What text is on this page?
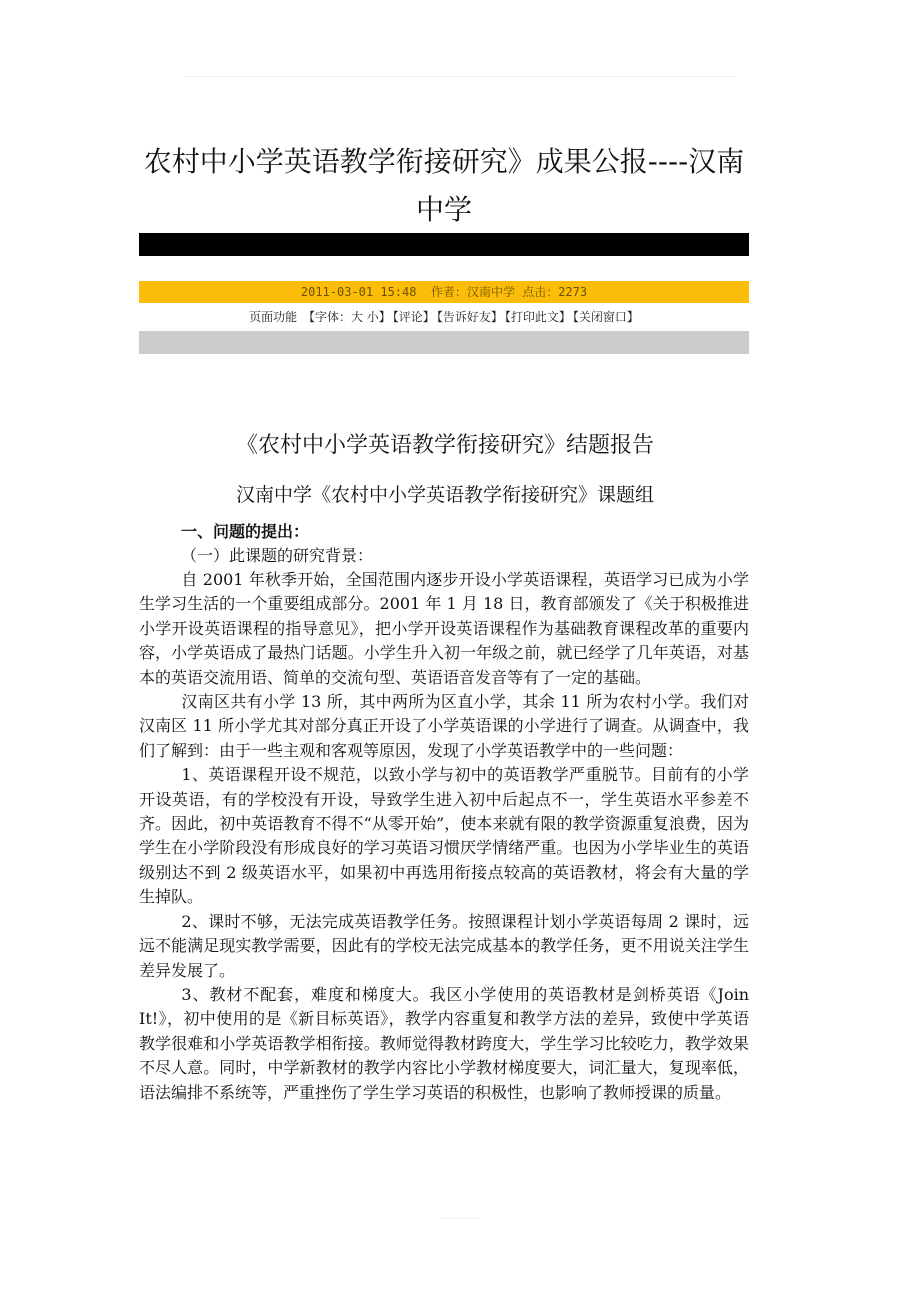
农村中小学英语教学衔接研究》成果公报----汉南中学
2011-03-01 15:48 作者：汉南中学 点击：2273
页面功能 【字体：大 小】 【评论】 【告诉好友】 【打印此文】 【关闭窗口】
《农村中小学英语教学衔接研究》结题报告
汉南中学《农村中小学英语教学衔接研究》课题组
一、问题的提出：
（一）此课题的研究背景：

自 2001 年秋季开始，全国范围内逐步开设小学英语课程，英语学习已成为小学生学习生活的一个重要组成部分。2001 年 1 月 18 日，教育部颁发了《关于积极推进小学开设英语课程的指导意见》，把小学开设英语课程作为基础教育课程改革的重要内容，小学英语成了最热门话题。小学生升入初一年级之前，就已经学了几年英语，对基本的英语交流用语、简单的交流句型、英语语音发音等有了一定的基础。

汉南区共有小学 13 所，其中两所为区直小学，其余 11 所为农村小学。我们对汉南区 11 所小学尤其对部分真正开设了小学英语课的小学进行了调查。从调查中，我们了解到：由于一些主观和客观等原因，发现了小学英语教学中的一些问题：

1、英语课程开设不规范，以致小学与初中的英语教学严重脱节。目前有的小学开设英语，有的学校没有开设，导致学生进入初中后起点不一，学生英语水平参差不齐。因此，初中英语教育不得不“从零开始”，使本来就有限的教学资源重复浪费，因为学生在小学阶段没有形成良好的学习英语习惯厌学情绪严重。也因为小学毕业生的英语级别达不到 2 级英语水平，如果初中再选用衔接点较高的英语教材，将会有大量的学生掉队。

2、课时不够，无法完成英语教学任务。按照课程计划小学英语每周 2 课时，远远不能满足现实教学需要，因此有的学校无法完成基本的教学任务，更不用说关注学生差异发展了。

3、教材不配套，难度和梯度大。我区小学使用的英语教材是剑桥英语《Join It!》，初中使用的是《新目标英语》，教学内容重复和教学方法的差异，致使中学英语教学很难和小学英语教学相衔接。教师觉得教材跨度大，学生学习比较吃力，教学效果不尽人意。同时，中学新教材的教学内容比小学教材梯度要大，词汇量大，复现率低，语法编排不系统等，严重挫伤了学生学习英语的积极性，也影响了教师授课的质量。
